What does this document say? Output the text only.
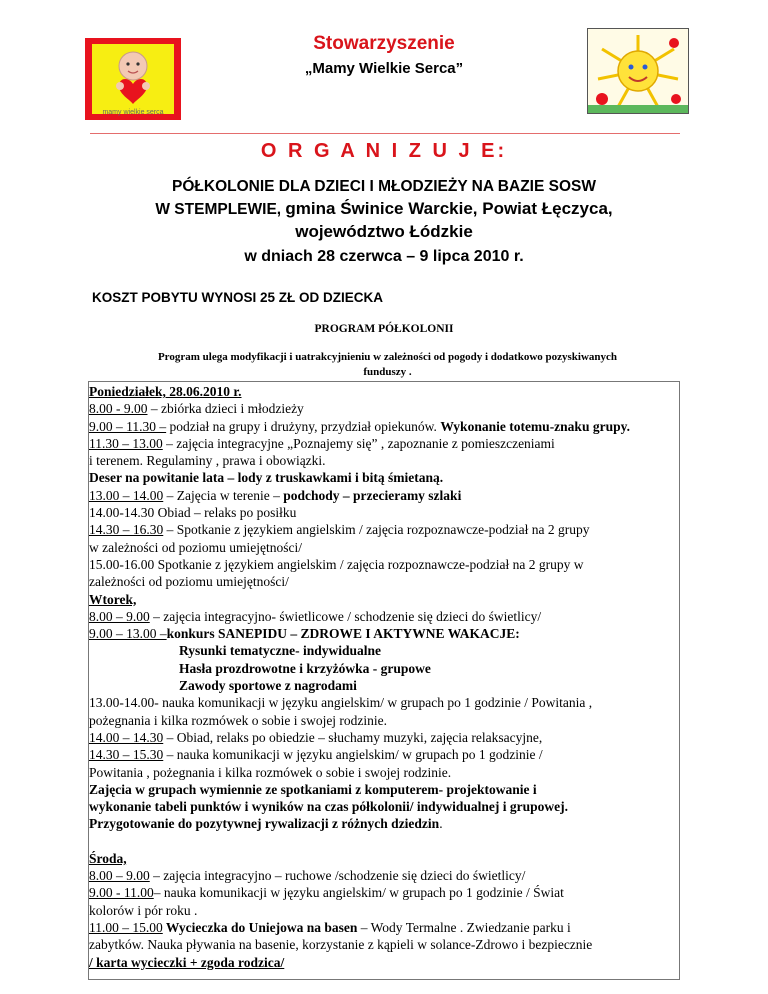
mamy wielkie serca
Stowarzyszenie
„Mamy Wielkie Serca”
O R G A N I Z U J E:
PÓŁKOLONIE DLA DZIECI I MŁODZIEŻY NA BAZIE SOSW
W STEMPLEWIE, gmina Świnice Warckie, Powiat Łęczyca,
województwo Łódzkie
w dniach 28 czerwca – 9 lipca 2010 r.
KOSZT POBYTU WYNOSI 25 ZŁ OD DZIECKA
PROGRAM PÓŁKOLONII
Program ulega modyfikacji i uatrakcyjnieniu w zależności od pogody i dodatkowo pozyskiwanych funduszy .
Poniedziałek, 28.06.2010 r.
8.00 - 9.00 – zbiórka dzieci i młodzieży
9.00 – 11.30 – podział na grupy i drużyny, przydział opiekunów. Wykonanie totemu-znaku grupy.
11.30 – 13.00 – zajęcia integracyjne „Poznajemy się” , zapoznanie z pomieszczeniami
i terenem. Regulaminy , prawa i obowiązki.
Deser na powitanie lata – lody z truskawkami i bitą śmietaną.
13.00 – 14.00 – Zajęcia w terenie – podchody – przecieramy szlaki
14.00-14.30 Obiad – relaks po posiłku
14.30 – 16.30 – Spotkanie z językiem angielskim / zajęcia rozpoznawcze-podział na 2 grupy
w zależności od poziomu umiejętności/
15.00-16.00 Spotkanie z językiem angielskim / zajęcia rozpoznawcze-podział na 2 grupy w
zależności od poziomu umiejętności/
Wtorek,
8.00 – 9.00 – zajęcia integracyjno- świetlicowe / schodzenie się dzieci do świetlicy/
9.00 – 13.00 –konkurs SANEPIDU – ZDROWE I AKTYWNE WAKACJE:
Rysunki tematyczne- indywidualne
Hasła prozdrowotne i krzyżówka - grupowe
Zawody sportowe z nagrodami
13.00-14.00- nauka komunikacji w języku angielskim/ w grupach po 1 godzinie / Powitania ,
pożegnania i kilka rozmówek o sobie i swojej rodzinie.
14.00 – 14.30 – Obiad, relaks po obiedzie – słuchamy muzyki, zajęcia relaksacyjne,
14.30 – 15.30 – nauka komunikacji w języku angielskim/ w grupach po 1 godzinie /
Powitania , pożegnania i kilka rozmówek o sobie i swojej rodzinie.
Zajęcia w grupach wymiennie ze spotkaniami z komputerem- projektowanie i
wykonanie tabeli punktów i wyników na czas półkolonii/ indywidualnej i grupowej.
Przygotowanie do pozytywnej rywalizacji z różnych dziedzin.
Środa,
8.00 – 9.00 – zajęcia integracyjno – ruchowe /schodzenie się dzieci do świetlicy/
9.00 - 11.00– nauka komunikacji w języku angielskim/ w grupach po 1 godzinie / Świat
kolorów i pór roku .
11.00 – 15.00 Wycieczka do Uniejowa na basen – Wody Termalne . Zwiedzanie parku i
zabytków. Nauka pływania na basenie, korzystanie z kąpieli w solance-Zdrowo i bezpiecznie
/ karta wycieczki + zgoda rodzica/
